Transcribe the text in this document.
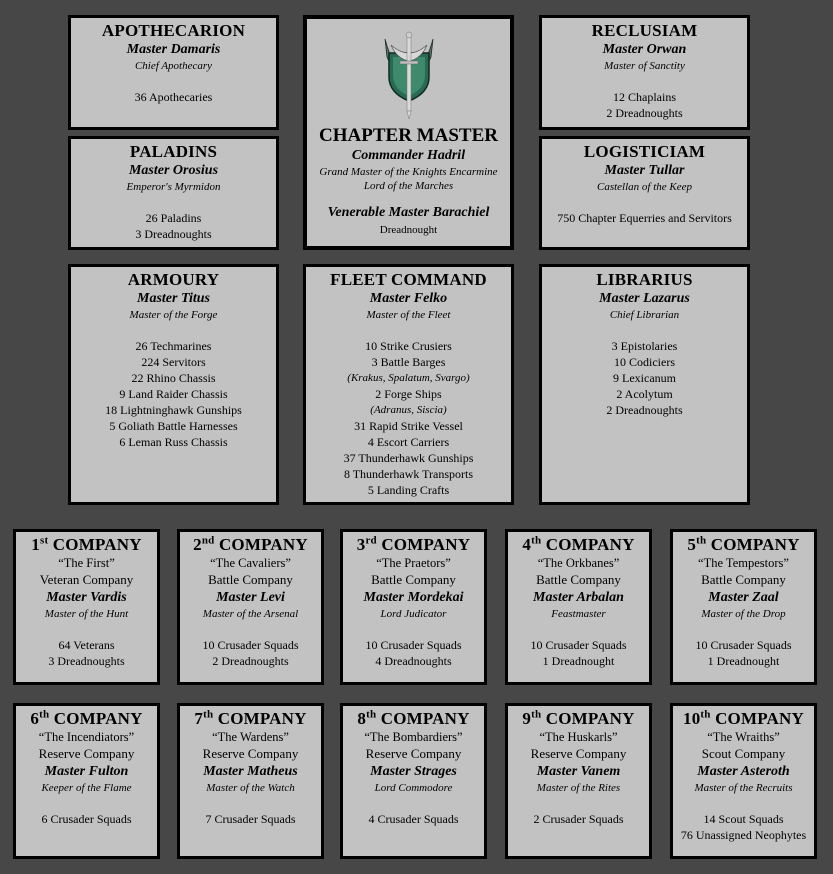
APOTHECARION
Master Damaris
Chief Apothecary
36 Apothecaries
CHAPTER MASTER
Commander Hadril
Grand Master of the Knights Encarmine
Lord of the Marches
Venerable Master Barachiel
Dreadnought
RECLUSIAM
Master Orwan
Master of Sanctity
12 Chaplains
2 Dreadnoughts
PALADINS
Master Orosius
Emperor's Myrmidon
26 Paladins
3 Dreadnoughts
LOGISTICIAM
Master Tullar
Castellan of the Keep
750 Chapter Equerries and Servitors
ARMOURY
Master Titus
Master of the Forge
26 Techmarines
224 Servitors
22 Rhino Chassis
9 Land Raider Chassis
18 Lightninghawk Gunships
5 Goliath Battle Harnesses
6 Leman Russ Chassis
FLEET COMMAND
Master Felko
Master of the Fleet
10 Strike Crusiers
3 Battle Barges
(Krakus, Spalatum, Svargo)
2 Forge Ships
(Adranus, Siscia)
31 Rapid Strike Vessel
4 Escort Carriers
37 Thunderhawk Gunships
8 Thunderhawk Transports
5 Landing Crafts
LIBRARIUS
Master Lazarus
Chief Librarian
3 Epistolaries
10 Codiciers
9 Lexicanum
2 Acolytum
2 Dreadnoughts
1st COMPANY
“The First”
Veteran Company
Master Vardis
Master of the Hunt
64 Veterans
3 Dreadnoughts
2nd COMPANY
“The Cavaliers”
Battle Company
Master Levi
Master of the Arsenal
10 Crusader Squads
2 Dreadnoughts
3rd COMPANY
“The Praetors”
Battle Company
Master Mordekai
Lord Judicator
10 Crusader Squads
4 Dreadnoughts
4th COMPANY
“The Orkbanes”
Battle Company
Master Arbalan
Feastmaster
10 Crusader Squads
1 Dreadnought
5th COMPANY
“The Tempestors”
Battle Company
Master Zaal
Master of the Drop
10 Crusader Squads
1 Dreadnought
6th COMPANY
“The Incendiators”
Reserve Company
Master Fulton
Keeper of the Flame
6 Crusader Squads
7th COMPANY
“The Wardens”
Reserve Company
Master Matheus
Master of the Watch
7 Crusader Squads
8th COMPANY
“The Bombardiers”
Reserve Company
Master Strages
Lord Commodore
4 Crusader Squads
9th COMPANY
“The Huskarls”
Reserve Company
Master Vanem
Master of the Rites
2 Crusader Squads
10th COMPANY
“The Wraiths”
Scout Company
Master Asteroth
Master of the Recruits
14 Scout Squads
76 Unassigned Neophytes
